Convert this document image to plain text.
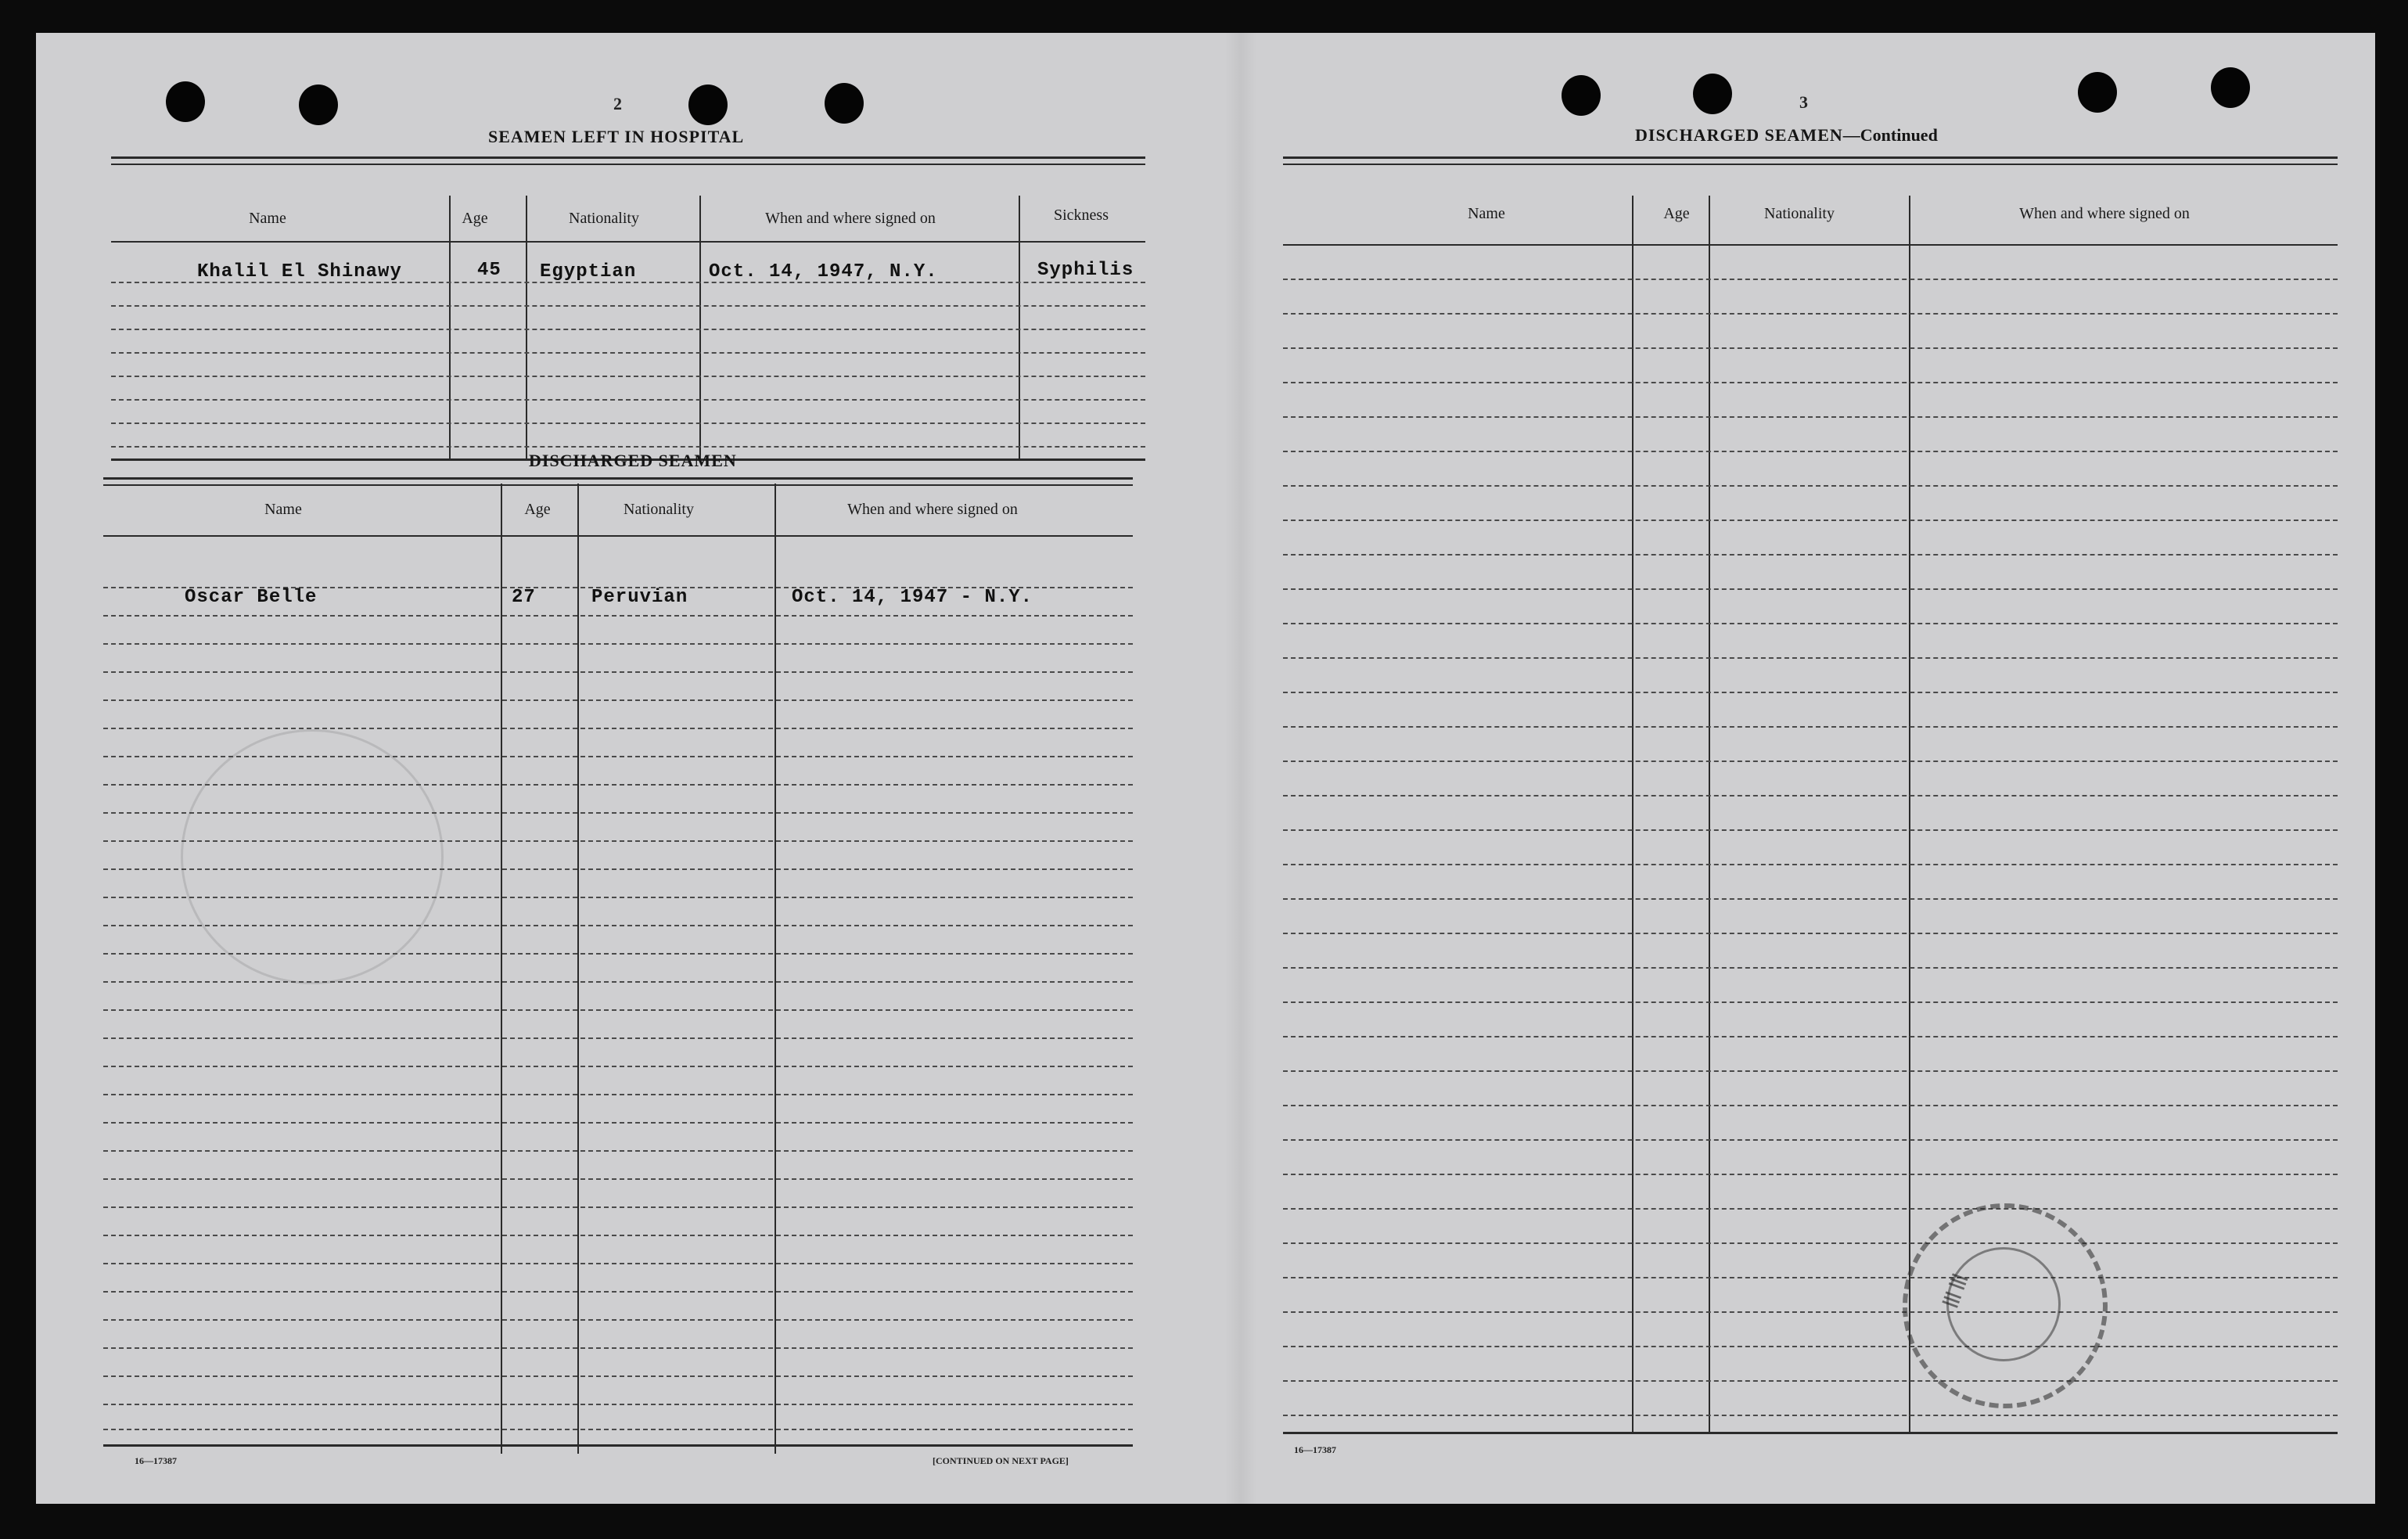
2
SEAMEN LEFT IN HOSPITAL
Name	Age	Nationality	When and where signed on	Sickness
Khalil El Shinawy	45 Egyptian	Oct. 14, 1947, N.Y.	Syphilis
DISCHARGED SEAMEN
Name	Age	Nationality	When and where signed on
Oscar Belle	27	Peruvian	Oct. 14, 1947 - N.Y.
16—17387	[CONTINUED ON NEXT PAGE]
3
DISCHARGED SEAMEN—Continued
Name	Age	Nationality	When and where signed on
||| |||
16—17387
